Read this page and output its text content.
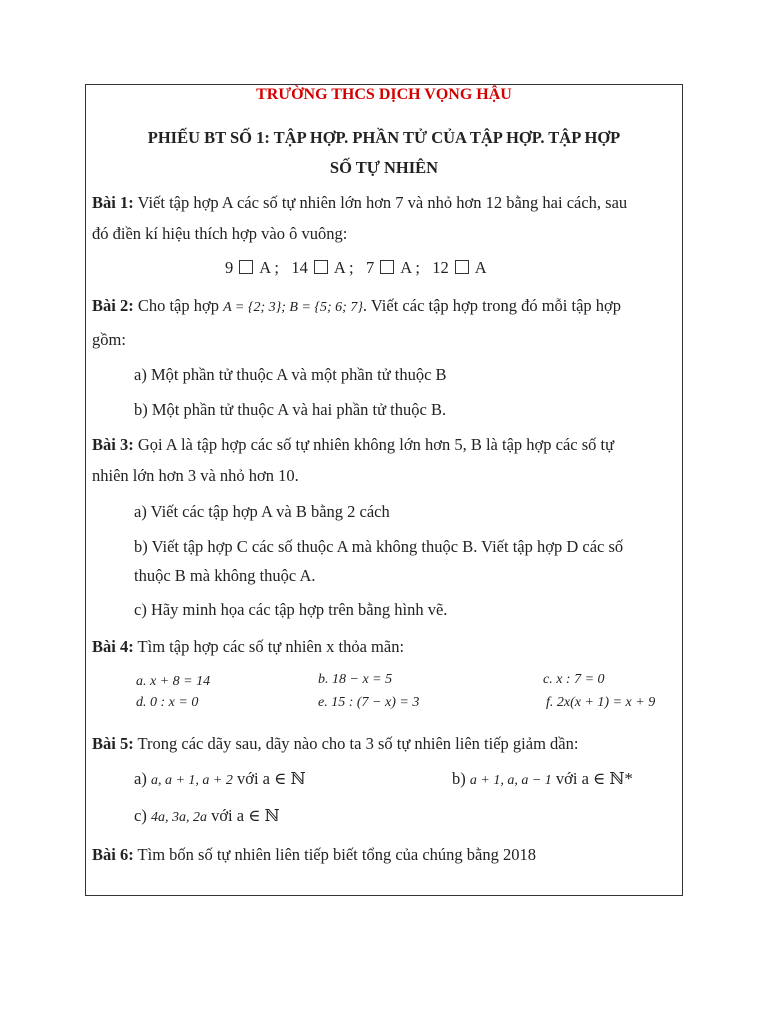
TRƯỜNG THCS DỊCH VỌNG HẬU
PHIẾU BT SỐ 1: TẬP HỢP. PHẦN TỬ CỦA TẬP HỢP. TẬP HỢP
SỐ TỰ NHIÊN
Bài 1: Viết tập hợp A các số tự nhiên lớn hơn 7 và nhỏ hơn 12 bằng hai cách, sau
đó điền kí hiệu thích hợp vào ô vuông:
9 A ; 14 A ; 7 A ; 12 A
Bài 2: Cho tập hợp A = {2; 3}; B = {5; 6; 7}. Viết các tập hợp trong đó mỗi tập hợp
gồm:
a) Một phần tử thuộc A và một phần tử thuộc B
b) Một phần tử thuộc A và hai phần tử thuộc B.
Bài 3: Gọi A là tập hợp các số tự nhiên không lớn hơn 5, B là tập hợp các số tự
nhiên lớn hơn 3 và nhỏ hơn 10.
a) Viết các tập hợp A và B bằng 2 cách
b) Viết tập hợp C các số thuộc A mà không thuộc B. Viết tập hợp D các số
thuộc B mà không thuộc A.
c) Hãy minh họa các tập hợp trên bằng hình vẽ.
Bài 4: Tìm tập hợp các số tự nhiên x thỏa mãn:
a. x + 8 = 14	b. 18 − x = 5	c. x : 7 = 0
d. 0 : x = 0	e. 15 : (7 − x) = 3	f. 2x(x + 1) = x + 9
Bài 5: Trong các dãy sau, dãy nào cho ta 3 số tự nhiên liên tiếp giảm dần:
a) a, a + 1, a + 2 với a ∈ ℕ	b) a + 1, a, a − 1 với a ∈ ℕ*
c) 4a, 3a, 2a với a ∈ ℕ
Bài 6: Tìm bốn số tự nhiên liên tiếp biết tổng của chúng bằng 2018
